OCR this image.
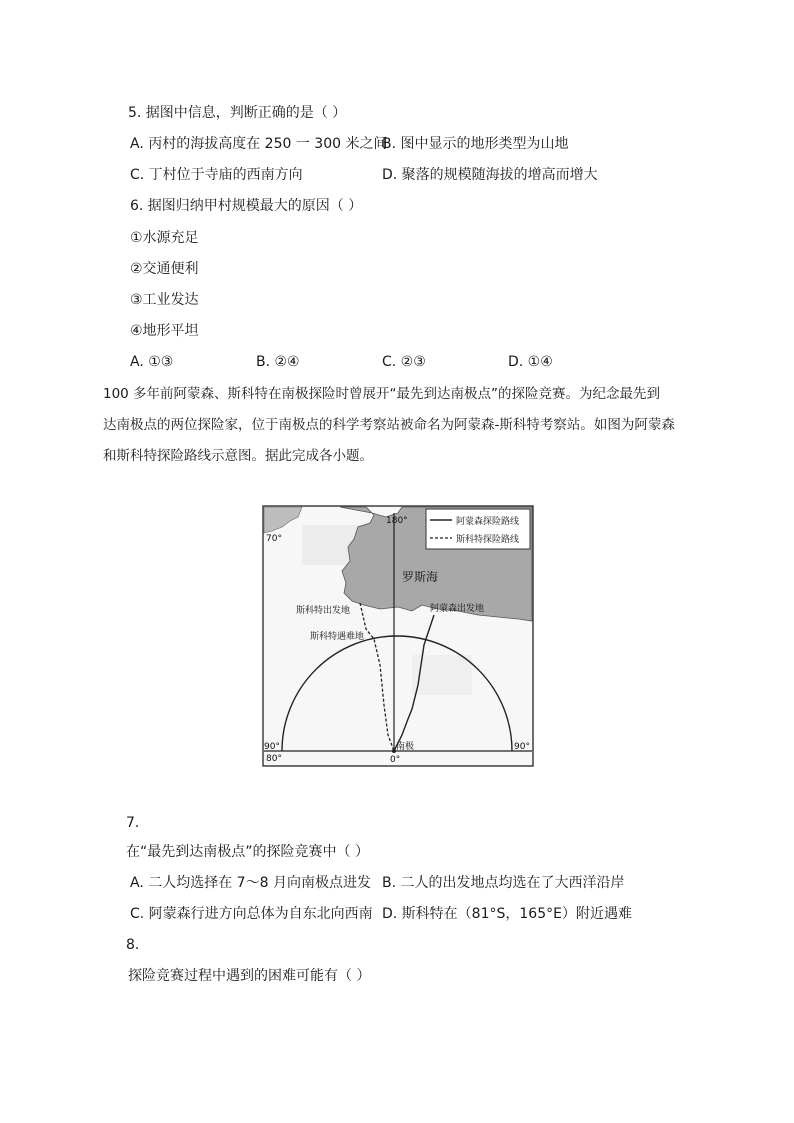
5. 据图中信息，判断正确的是（ ）
A. 丙村的海拔高度在 250 一 300 米之间
B. 图中显示的地形类型为山地
C. 丁村位于寺庙的西南方向	D. 聚落的规模随海拔的增高而增大
6. 据图归纳甲村规模最大的原因（ ）
①水源充足
②交通便利
③工业发达
④地形平坦
A. ①③	B. ②④	C. ②③	D. ①④
100 多年前阿蒙森、斯科特在南极探险时曾展开“最先到达南极点”的探险竞赛。为纪念最先到
达南极点的两位探险家，位于南极点的科学考察站被命名为阿蒙森-斯科特考察站。如图为阿蒙森
和斯科特探险路线示意图。据此完成各小题。
阿蒙森探险路线
斯科特探险路线
180°
70°
罗斯海
斯科特出发地	阿蒙森出发地
斯科特遇难地
90°
80°
南极	90°
0°
7.
在“最先到达南极点”的探险竞赛中（ ）
A. 二人均选择在 7～8 月向南极点进发 B. 二人的出发地点均选在了大西洋沿岸
C. 阿蒙森行进方向总体为自东北向西南 D. 斯科特在（81°S，165°E）附近遇难
8.
探险竞赛过程中遇到的困难可能有（ ）
